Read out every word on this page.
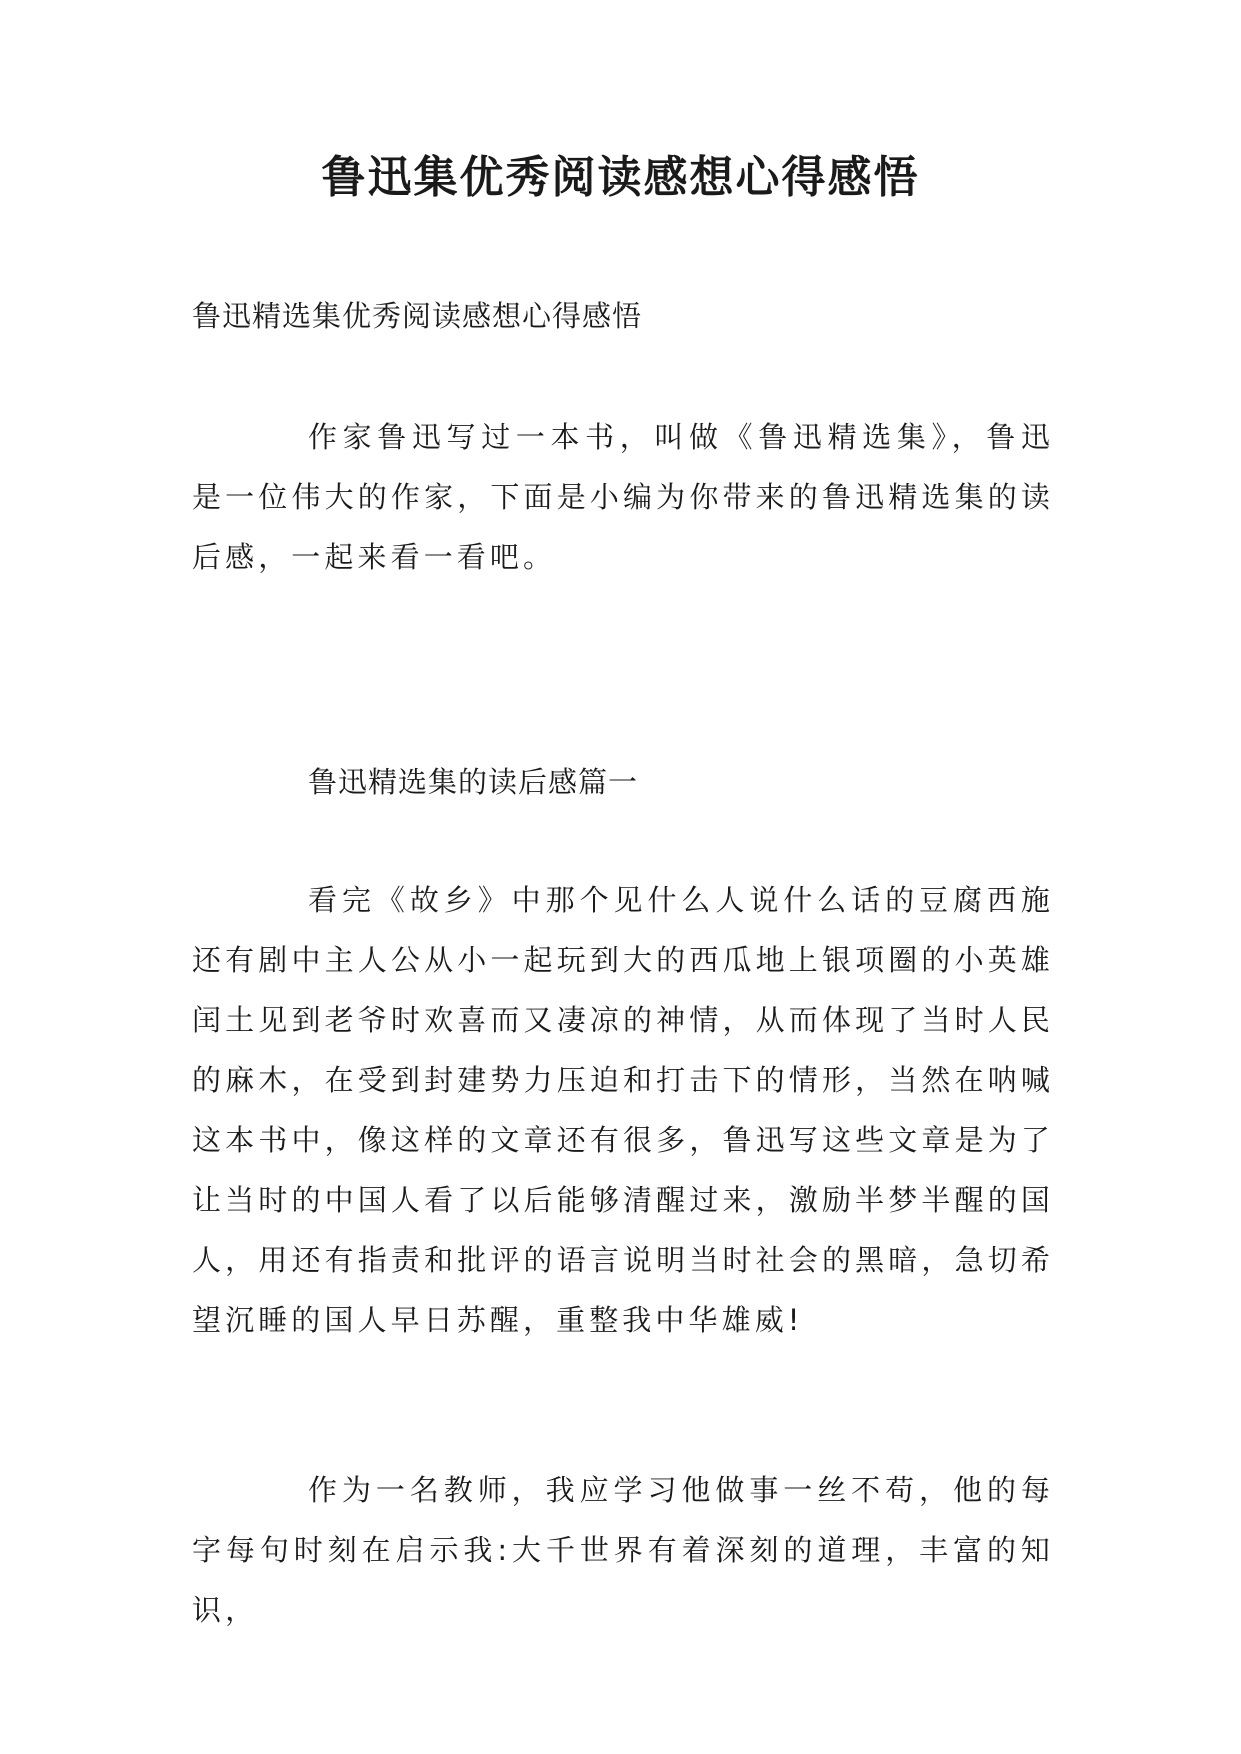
鲁迅集优秀阅读感想心得感悟

鲁迅精选集优秀阅读感想心得感悟

作家鲁迅写过一本书，叫做《鲁迅精选集》，鲁迅是一位伟大的作家，下面是小编为你带来的鲁迅精选集的读后感，一起来看一看吧。

鲁迅精选集的读后感篇一

看完《故乡》中那个见什么人说什么话的豆腐西施还有剧中主人公从小一起玩到大的西瓜地上银项圈的小英雄闰土见到老爷时欢喜而又凄凉的神情，从而体现了当时人民的麻木，在受到封建势力压迫和打击下的情形，当然在呐喊这本书中，像这样的文章还有很多，鲁迅写这些文章是为了让当时的中国人看了以后能够清醒过来，激励半梦半醒的国人，用还有指责和批评的语言说明当时社会的黑暗，急切希望沉睡的国人早日苏醒，重整我中华雄威!

作为一名教师，我应学习他做事一丝不苟，他的每字每句时刻在启示我:大千世界有着深刻的道理，丰富的知识，
